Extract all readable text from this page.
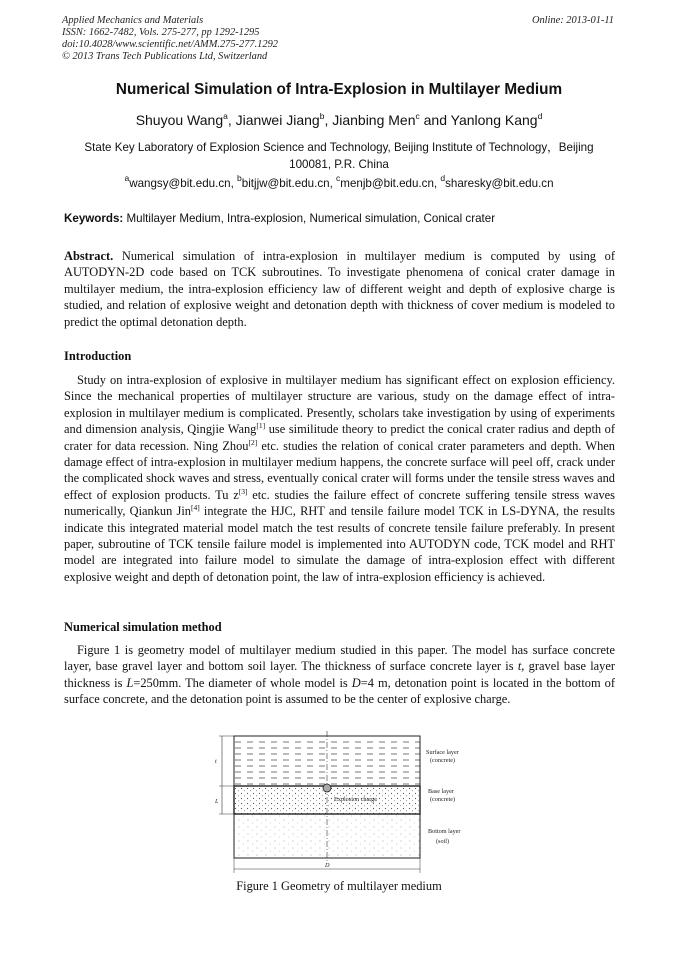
Applied Mechanics and Materials
ISSN: 1662-7482, Vols. 275-277, pp 1292-1295
doi:10.4028/www.scientific.net/AMM.275-277.1292
© 2013 Trans Tech Publications Ltd, Switzerland
Online: 2013-01-11
Numerical Simulation of Intra-Explosion in Multilayer Medium
Shuyou Wang$^a$, Jianwei Jiang$^b$, Jianbing Men$^c$ and Yanlong Kang$^d$
State Key Laboratory of Explosion Science and Technology, Beijing Institute of Technology，Beijing 100081, P.R. China
$^a$wangsy@bit.edu.cn, $^b$bitjjw@bit.edu.cn, $^c$menjb@bit.edu.cn, $^d$sharesky@bit.edu.cn
Keywords: Multilayer Medium, Intra-explosion, Numerical simulation, Conical crater
Abstract. Numerical simulation of intra-explosion in multilayer medium is computed by using of AUTODYN-2D code based on TCK subroutines. To investigate phenomena of conical crater damage in multilayer medium, the intra-explosion efficiency law of different weight and depth of explosive charge is studied, and relation of explosive weight and detonation depth with thickness of cover medium is modeled to predict the optimal detonation depth.
Introduction
Study on intra-explosion of explosive in multilayer medium has significant effect on explosion efficiency. Since the mechanical properties of multilayer structure are various, study on the damage effect of intra-explosion in multilayer medium is complicated. Presently, scholars take investigation by using of experiments and dimension analysis, Qingjie Wang[1] use similitude theory to predict the conical crater radius and depth of crater for data recession. Ning Zhou[2] etc. studies the relation of conical crater parameters and depth. When damage effect of intra-explosion in multilayer medium happens, the concrete surface will peel off, crack under the complicated shock waves and stress, eventually conical crater will forms under the tensile stress waves and effect of explosion products. Tu z[3] etc. studies the failure effect of concrete suffering tensile stress waves numerically, Qiankun Jin[4] integrate the HJC, RHT and tensile failure model TCK in LS-DYNA, the results indicate this integrated material model match the test results of concrete tensile failure preferably. In present paper, subroutine of TCK tensile failure model is implemented into AUTODYN code, TCK model and RHT model are integrated into failure model to simulate the damage of intra-explosion effect with different explosive weight and depth of detonation point, the law of intra-explosion efficiency is achieved.
Numerical simulation method
Figure 1 is geometry model of multilayer medium studied in this paper. The model has surface concrete layer, base gravel layer and bottom soil layer. The thickness of surface concrete layer is t, gravel base layer thickness is L=250mm. The diameter of whole model is D=4 m, detonation point is located in the bottom of surface concrete, and the detonation point is assumed to be the center of explosive charge.
Explosion charge
t
L
D
Surface layer
(concrete)
Base layer
(concrete)
Bottom layer
(soil)
Figure 1 Geometry of multilayer medium
